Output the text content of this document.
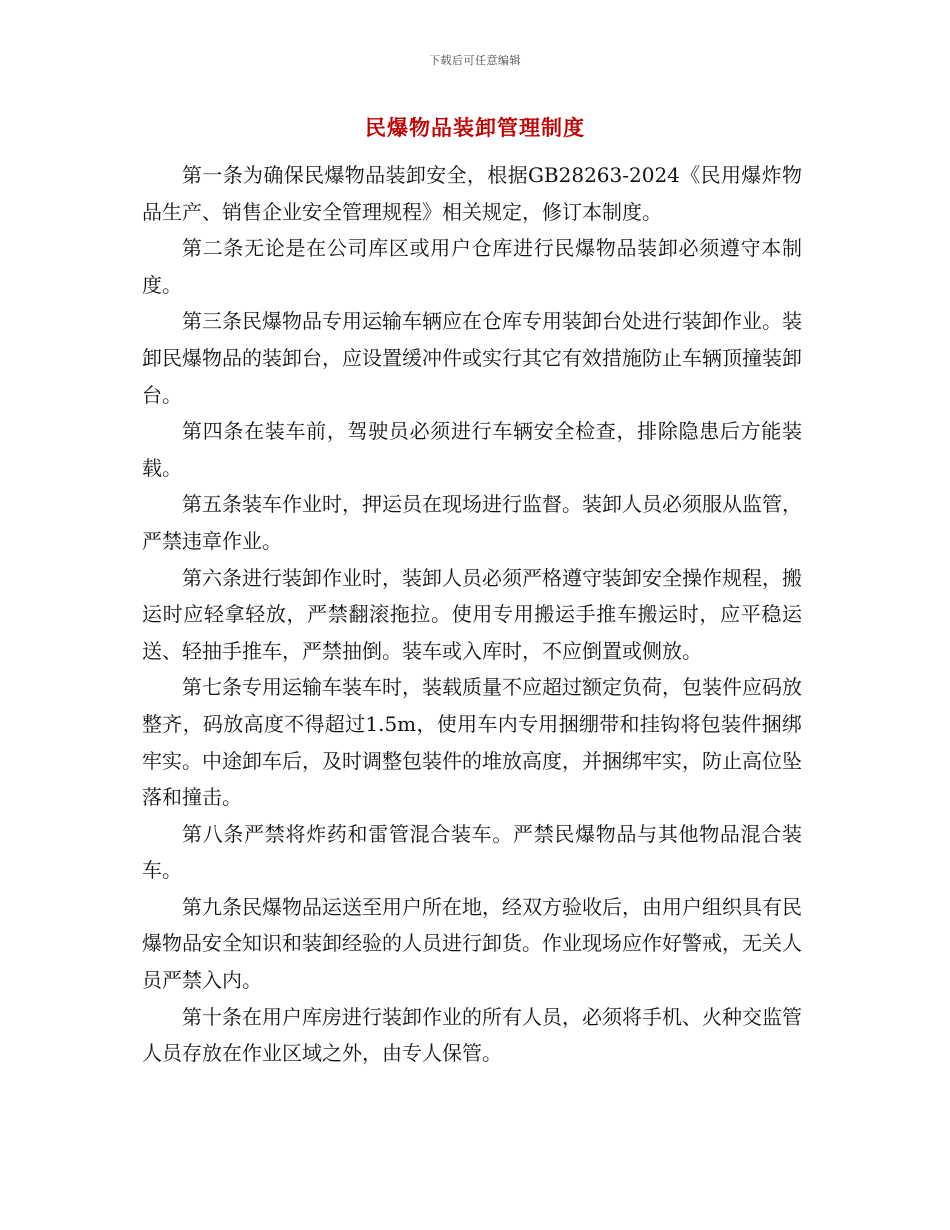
下载后可任意编辑
民爆物品装卸管理制度

第一条为确保民爆物品装卸安全，根据GB28263-2024《民用爆炸物品生产、销售企业安全管理规程》相关规定，修订本制度。

第二条无论是在公司库区或用户仓库进行民爆物品装卸必须遵守本制度。

第三条民爆物品专用运输车辆应在仓库专用装卸台处进行装卸作业。装卸民爆物品的装卸台，应设置缓冲件或实行其它有效措施防止车辆顶撞装卸台。

第四条在装车前，驾驶员必须进行车辆安全检查，排除隐患后方能装载。

第五条装车作业时，押运员在现场进行监督。装卸人员必须服从监管，严禁违章作业。

第六条进行装卸作业时，装卸人员必须严格遵守装卸安全操作规程，搬运时应轻拿轻放，严禁翻滚拖拉。使用专用搬运手推车搬运时，应平稳运送、轻抽手推车，严禁抽倒。装车或入库时，不应倒置或侧放。

第七条专用运输车装车时，装载质量不应超过额定负荷，包装件应码放整齐，码放高度不得超过1.5m，使用车内专用捆绷带和挂钩将包装件捆绑牢实。中途卸车后，及时调整包装件的堆放高度，并捆绑牢实，防止高位坠落和撞击。

第八条严禁将炸药和雷管混合装车。严禁民爆物品与其他物品混合装车。

第九条民爆物品运送至用户所在地，经双方验收后，由用户组织具有民爆物品安全知识和装卸经验的人员进行卸货。作业现场应作好警戒，无关人员严禁入内。

第十条在用户库房进行装卸作业的所有人员，必须将手机、火种交监管人员存放在作业区域之外，由专人保管。
